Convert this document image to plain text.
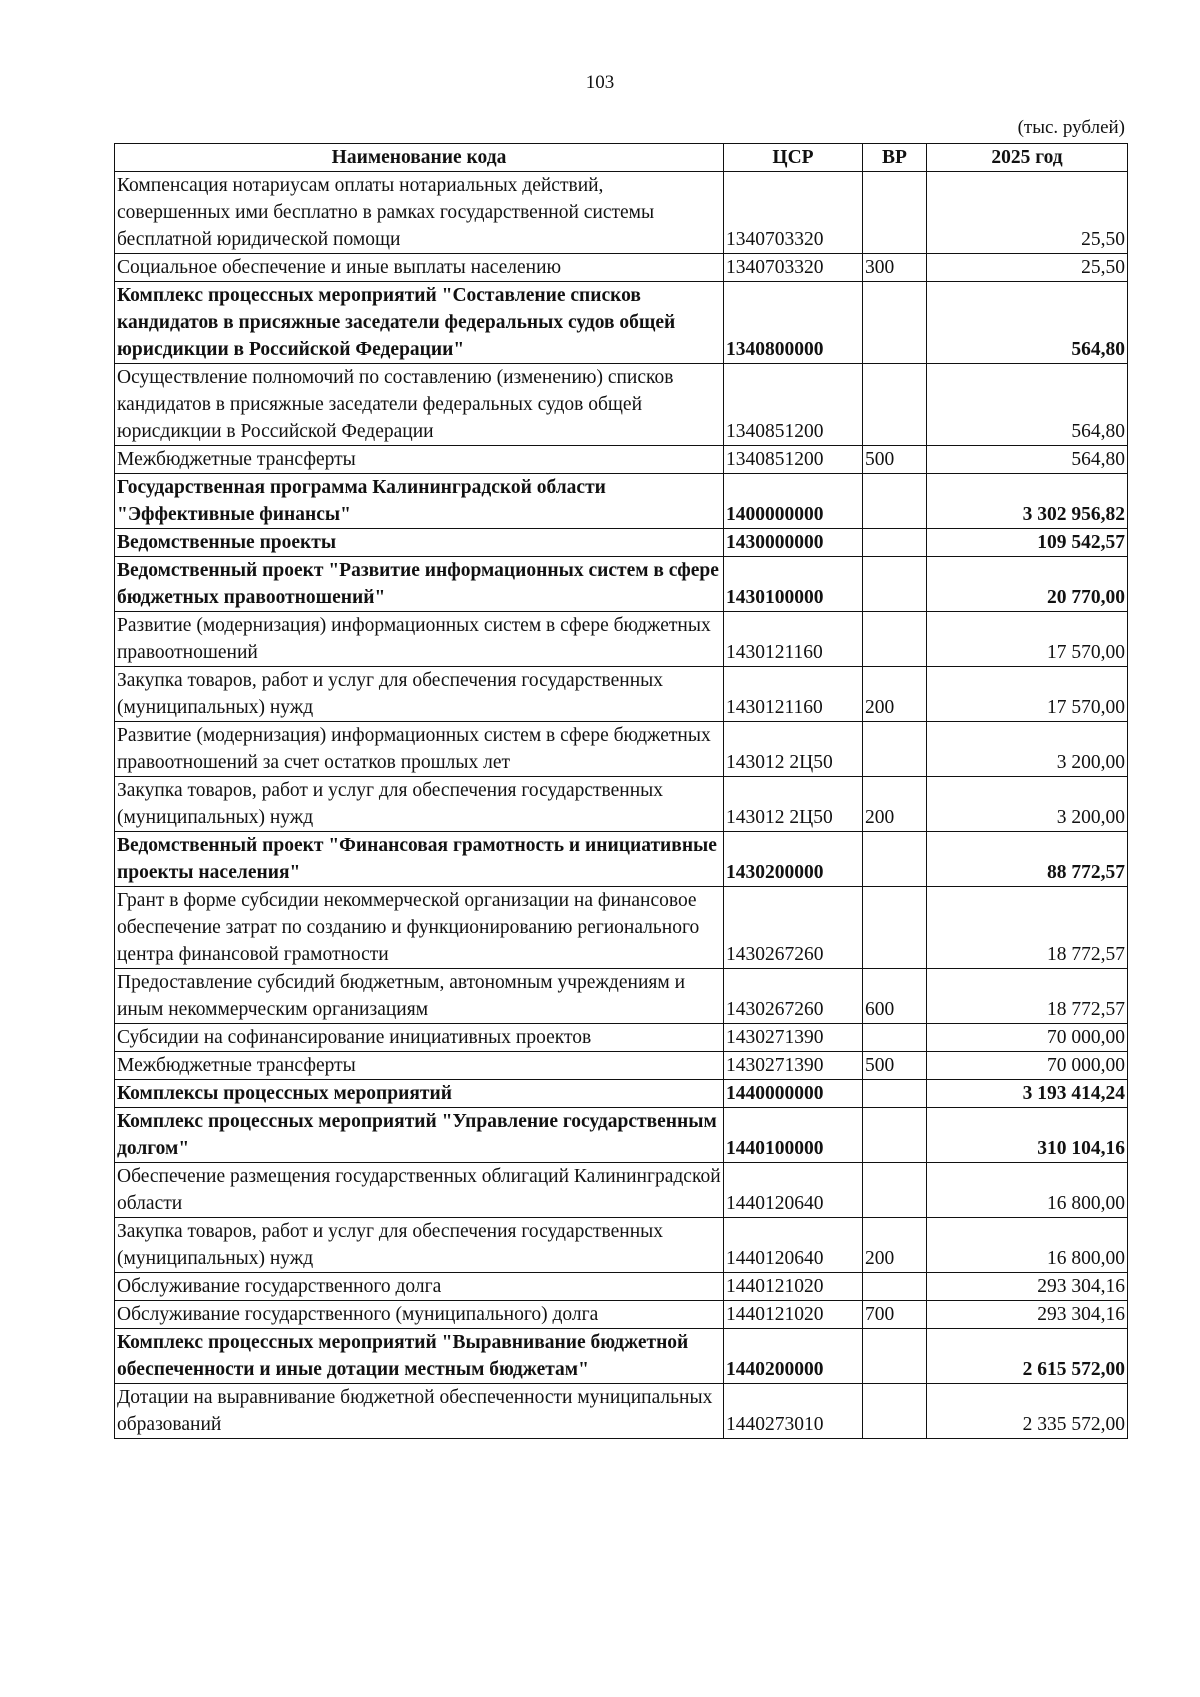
103
(тыс. рублей)
Наименование кода	ЦСР	ВР	2025 год
Компенсация нотариусам оплаты нотариальных действий, совершенных ими бесплатно в рамках государственной системы бесплатной юридической помощи	1340703320		25,50
Социальное обеспечение и иные выплаты населению	1340703320	300	25,50
Комплекс процессных мероприятий "Составление списков кандидатов в присяжные заседатели федеральных судов общей юрисдикции в Российской Федерации"	1340800000		564,80
Осуществление полномочий по составлению (изменению) списков кандидатов в присяжные заседатели федеральных судов общей юрисдикции в Российской Федерации	1340851200		564,80
Межбюджетные трансферты	1340851200	500	564,80
Государственная программа Калининградской области "Эффективные финансы"	1400000000		3 302 956,82
Ведомственные проекты	1430000000		109 542,57
Ведомственный проект "Развитие информационных систем в сфере бюджетных правоотношений"	1430100000		20 770,00
Развитие (модернизация) информационных систем в сфере бюджетных правоотношений	1430121160		17 570,00
Закупка товаров, работ и услуг для обеспечения государственных (муниципальных) нужд	1430121160	200	17 570,00
Развитие (модернизация) информационных систем в сфере бюджетных правоотношений за счет остатков прошлых лет	143012 2Ц50		3 200,00
Закупка товаров, работ и услуг для обеспечения государственных (муниципальных) нужд	143012 2Ц50	200	3 200,00
Ведомственный проект "Финансовая грамотность и инициативные проекты населения"	1430200000		88 772,57
Грант в форме субсидии некоммерческой организации на финансовое обеспечение затрат по созданию и функционированию регионального центра финансовой грамотности	1430267260		18 772,57
Предоставление субсидий бюджетным, автономным учреждениям и иным некоммерческим организациям	1430267260	600	18 772,57
Субсидии на софинансирование инициативных проектов	1430271390		70 000,00
Межбюджетные трансферты	1430271390	500	70 000,00
Комплексы процессных мероприятий	1440000000		3 193 414,24
Комплекс процессных мероприятий "Управление государственным долгом"	1440100000		310 104,16
Обеспечение размещения государственных облигаций Калининградской области	1440120640		16 800,00
Закупка товаров, работ и услуг для обеспечения государственных (муниципальных) нужд	1440120640	200	16 800,00
Обслуживание государственного долга	1440121020		293 304,16
Обслуживание государственного (муниципального) долга	1440121020	700	293 304,16
Комплекс процессных мероприятий "Выравнивание бюджетной обеспеченности и иные дотации местным бюджетам"	1440200000		2 615 572,00
Дотации на выравнивание бюджетной обеспеченности муниципальных образований	1440273010		2 335 572,00
